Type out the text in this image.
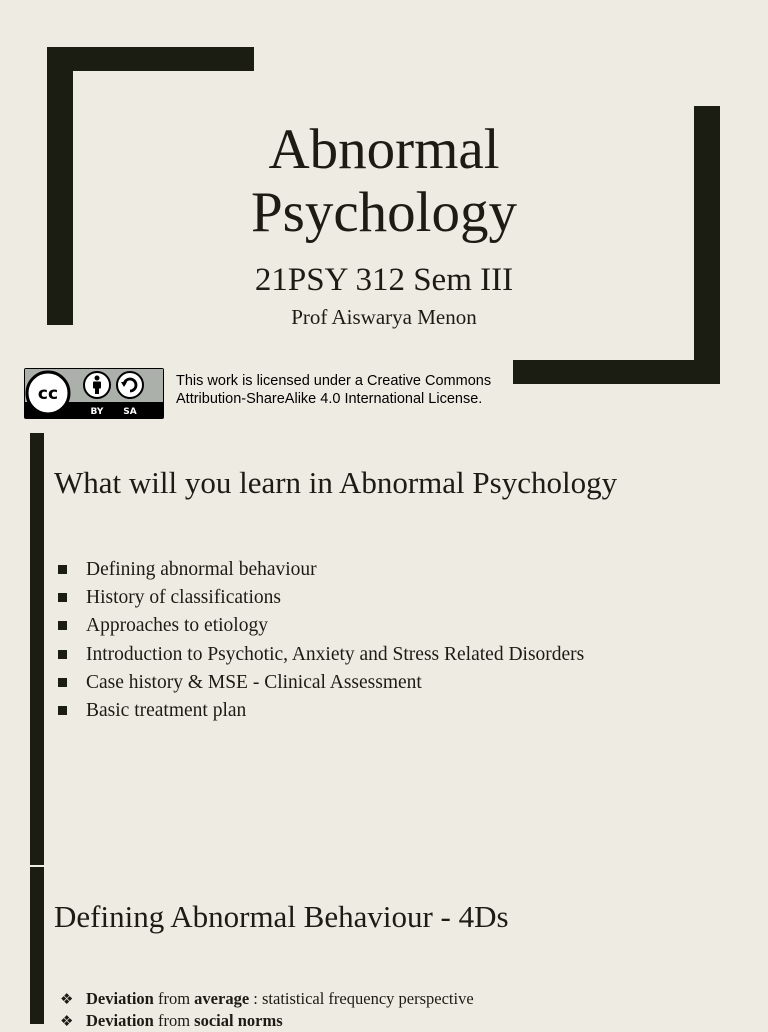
Abnormal
Psychology
21PSY 312 Sem III
Prof Aiswarya Menon
cc
BY SA
This work is licensed under a Creative Commons
Attribution-ShareAlike 4.0 International License.
What will you learn in Abnormal Psychology
Defining abnormal behaviour
History of classifications
Approaches to etiology
Introduction to Psychotic, Anxiety and Stress Related Disorders
Case history & MSE - Clinical Assessment
Basic treatment plan
Defining Abnormal Behaviour - 4Ds
❖ Deviation from average : statistical frequency perspective
❖ Deviation from social norms
